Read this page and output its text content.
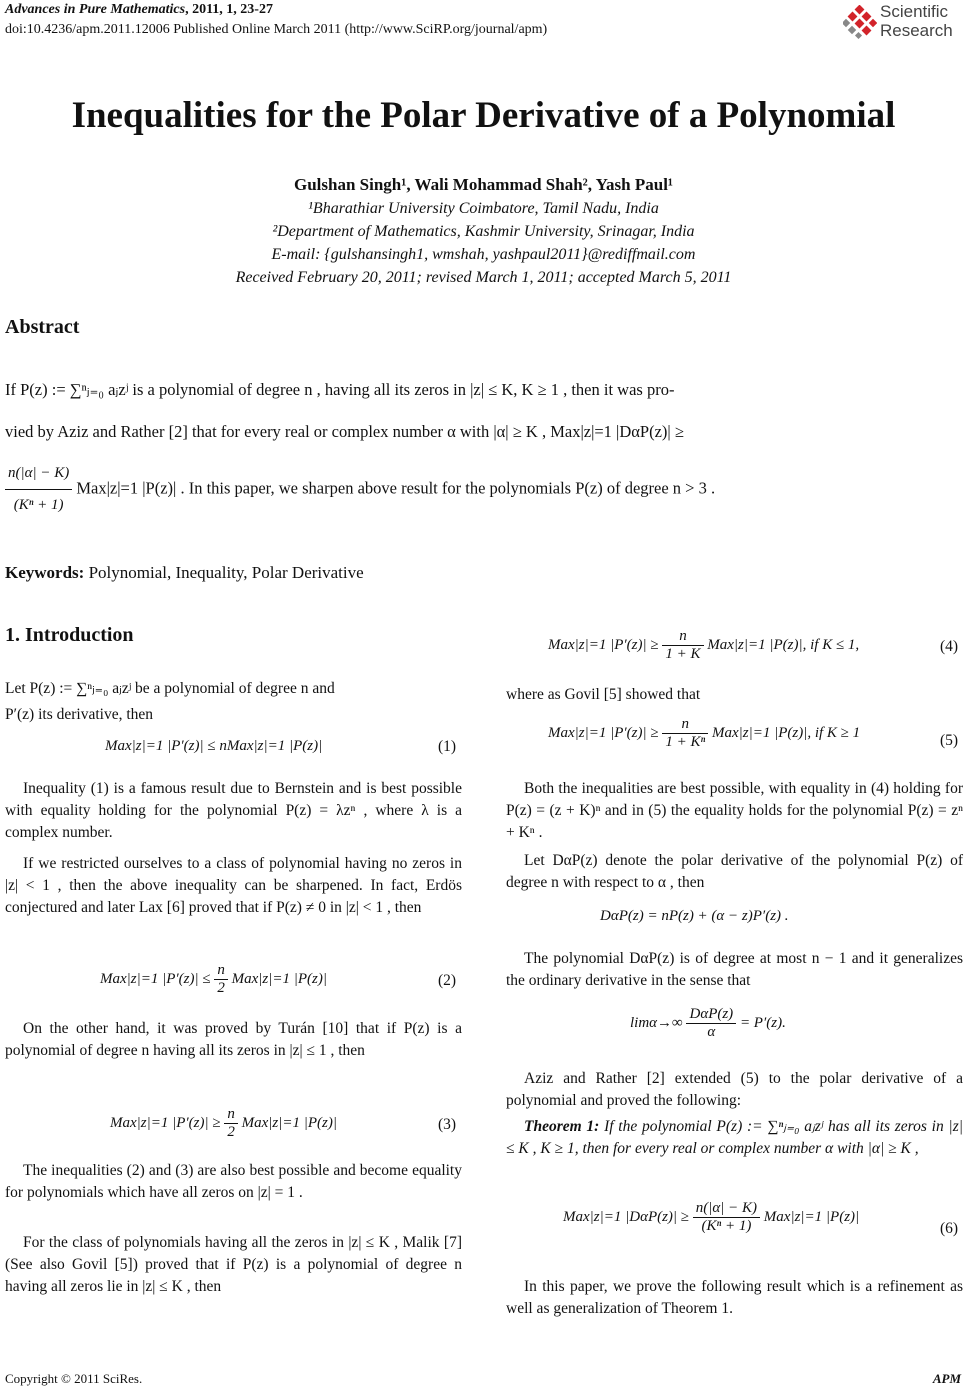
Advances in Pure Mathematics, 2011, 1, 23-27
doi:10.4236/apm.2011.12006 Published Online March 2011 (http://www.SciRP.org/journal/apm)
Scientific
Research
Inequalities for the Polar Derivative of a Polynomial
Gulshan Singh¹, Wali Mohammad Shah², Yash Paul¹
¹Bharathiar University Coimbatore, Tamil Nadu, India
²Department of Mathematics, Kashmir University, Srinagar, India
E-mail: {gulshansingh1, wmshah, yashpaul2011}@rediffmail.com
Received February 20, 2011; revised March 1, 2011; accepted March 5, 2011
Abstract
If P(z) := ∑ⁿⱼ₌₀ aⱼzʲ is a polynomial of degree n , having all its zeros in |z| ≤ K, K ≥ 1 , then it was pro-
vied by Aziz and Rather [2] that for every real or complex number α with |α| ≥ K , Max|z|=1 |DαP(z)| ≥
$\frac{n(|\alpha| - K)}{\text{(Kⁿ + 1)}} Max|z|=1$ |P(z)| . In this paper, we sharpen above result for the polynomials P(z) of degree n > 3 .
Keywords: Polynomial, Inequality, Polar Derivative
1. Introduction
Let P(z) := ∑ⁿⱼ₌₀ aⱼzʲ be a polynomial of degree n and
P′(z) its derivative, then
Max|z|=1 |P′(z)| ≤ nMax|z|=1 |P(z)|	(1)
Inequality (1) is a famous result due to Bernstein and is best possible with equality holding for the polynomial P(z) = λzⁿ , where λ is a complex number.
If we restricted ourselves to a class of polynomial having no zeros in |z| < 1 , then the above inequality can be sharpened. In fact, Erdös conjectured and later Lax [6] proved that if P(z) ≠ 0 in |z| < 1 , then
Max|z|=1 $|P'(z)| \le \frac{n}{2} Max|z|=1$ |P(z)|	(2)
On the other hand, it was proved by Turán [10] that if P(z) is a polynomial of degree n having all its zeros in |z| ≤ 1 , then
Max|z|=1 $|P'(z)| \ge \frac{n}{2} Max|z|=1$ |P(z)|	(3)
The inequalities (2) and (3) are also best possible and become equality for polynomials which have all zeros on |z| = 1 .
For the class of polynomials having all the zeros in |z| ≤ K , Malik [7] (See also Govil [5]) proved that if P(z) is a polynomial of degree n having all zeros lie in |z| ≤ K , then
Max|z|=1 $|P'(z)| \ge \frac{n}{1 + K} Max|z|=1$ |P(z)|, if K ≤ 1,	(4)
where as Govil [5] showed that
Max|z|=1 $|P'(z)| \ge \frac{n}{\text{1 + Kⁿ}} Max|z|=1$ |P(z)|, if K ≥ 1	(5)
Both the inequalities are best possible, with equality in (4) holding for P(z) = (z + K)ⁿ and in (5) the equality holds for the polynomial P(z) = zⁿ + Kⁿ .
Let DαP(z) denote the polar derivative of the polynomial P(z) of degree n with respect to α , then
DαP(z) = nP(z) + (α − z)P′(z) .
The polynomial DαP(z) is of degree at most n − 1 and it generalizes the ordinary derivative in the sense that
$\lim\alpha\to\infty \frac{\text{DαP(z)}}{\alpha} = P'(z)$.
Aziz and Rather [2] extended (5) to the polar derivative of a polynomial and proved the following:
Theorem 1: If the polynomial P(z) := ∑ⁿⱼ₌₀ aⱼzʲ has all its zeros in |z| ≤ K , K ≥ 1, then for every real or complex number α with |α| ≥ K ,
Max|z|=1 $|D\alpha P(z)| \ge \frac{n(|\alpha| - K)}{\text{(Kⁿ + 1)}} Max|z|=1$ |P(z)|
(6)
In this paper, we prove the following result which is a refinement as well as generalization of Theorem 1.
Copyright © 2011 SciRes.	APM
